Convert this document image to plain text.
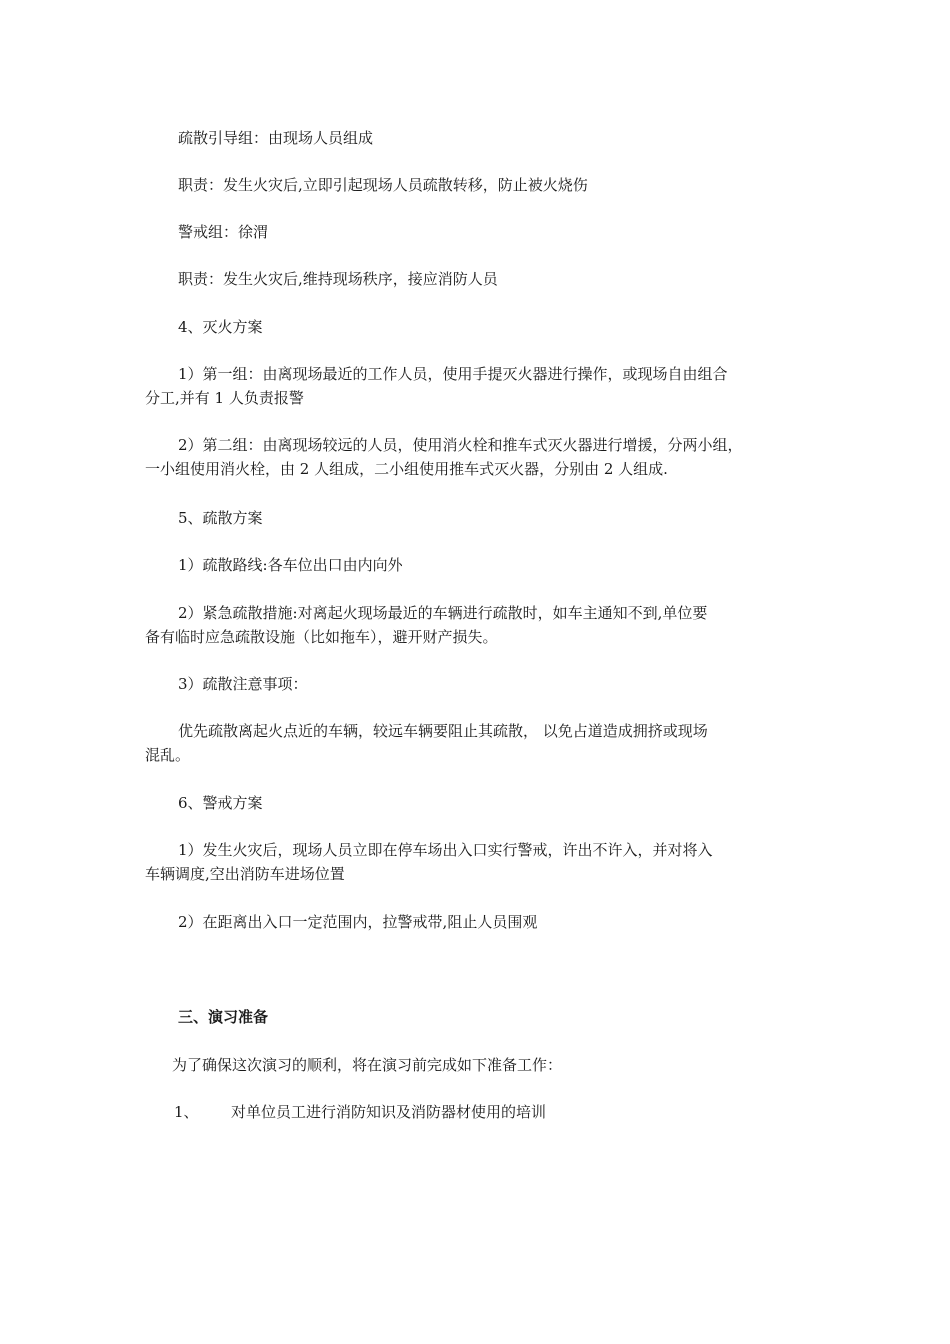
疏散引导组：由现场人员组成
职责：发生火灾后,立即引起现场人员疏散转移，防止被火烧伤
警戒组：徐渭
职责：发生火灾后,维持现场秩序，接应消防人员
4、灭火方案
1）第一组：由离现场最近的工作人员，使用手提灭火器进行操作，或现场自由组合
分工,并有 1 人负责报警
2）第二组：由离现场较远的人员，使用消火栓和推车式灭火器进行增援，分两小组，
一小组使用消火栓，由 2 人组成，二小组使用推车式灭火器，分别由 2 人组成.
5、疏散方案
1）疏散路线:各车位出口由内向外
2）紧急疏散措施:对离起火现场最近的车辆进行疏散时，如车主通知不到,单位要
备有临时应急疏散设施（比如拖车），避开财产损失。
3）疏散注意事项：
优先疏散离起火点近的车辆，较远车辆要阻止其疏散， 以免占道造成拥挤或现场
混乱。
6、警戒方案
1）发生火灾后，现场人员立即在停车场出入口实行警戒，许出不许入，并对将入
车辆调度,空出消防车进场位置
2）在距离出入口一定范围内，拉警戒带,阻止人员围观
三、演习准备
为了确保这次演习的顺利，将在演习前完成如下准备工作：
1、 对单位员工进行消防知识及消防器材使用的培训
